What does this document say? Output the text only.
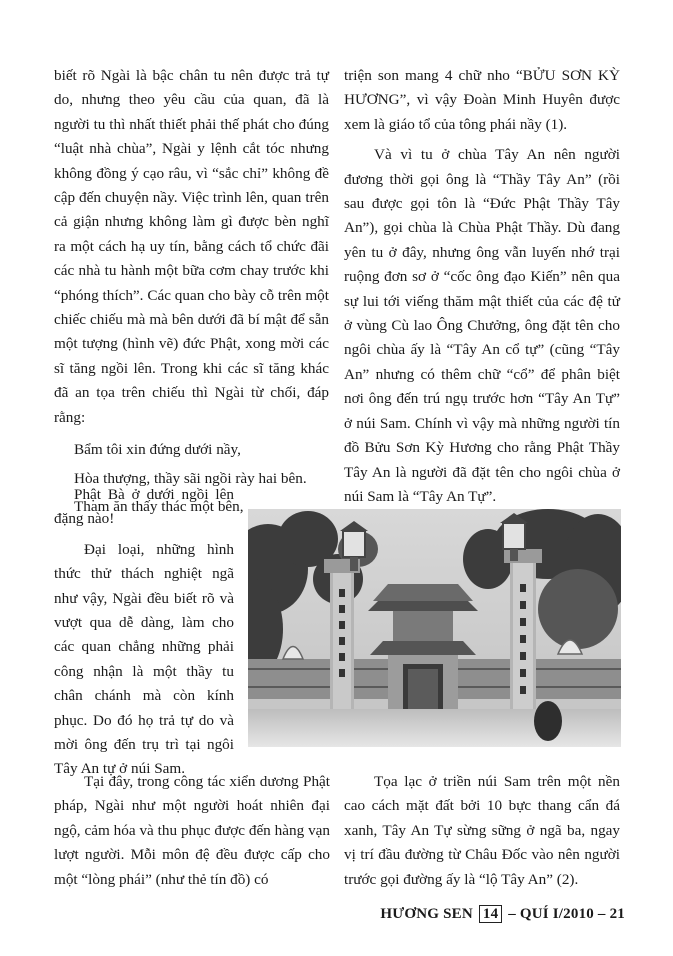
biết rõ Ngài là bậc chân tu nên được trả tự do, nhưng theo yêu cầu của quan, đã là người tu thì nhất thiết phải thế phát cho đúng “luật nhà chùa”, Ngài y lệnh cắt tóc nhưng không đồng ý cạo râu, vì “sắc chỉ” không đề cập đến chuyện nầy. Việc trình lên, quan trên cả giận nhưng không làm gì được bèn nghĩ ra một cách hạ uy tín, bằng cách tổ chức đãi các nhà tu hành một bữa cơm chay trước khi “phóng thích”. Các quan cho bày cỗ trên một chiếc chiếu mà mà bên dưới đã bí mật để sẵn một tượng (hình vẽ) đức Phật, xong mời các sĩ tăng ngồi lên. Trong khi các sĩ tăng khác đã an tọa trên chiếu thì Ngài từ chối, đáp rằng:

Bẩm tôi xin đứng dưới nầy,

Hòa thượng, thầy sãi ngồi rày hai bên.

Tham ăn thấy thác một bên,

Phật Bà ở dưới ngồi lên đặng nào!

Đại loại, những hình thức thử thách nghiệt ngã như vậy, Ngài đều biết rõ và vượt qua dễ dàng, làm cho các quan chẳng những phải công nhận là một thầy tu chân chánh mà còn kính phục. Do đó họ trả tự do và mời ông đến trụ trì tại ngôi Tây An tự ở núi Sam.

triện son mang 4 chữ nho “BỬU SƠN KỲ HƯƠNG”, vì vậy Đoàn Minh Huyên được xem là giáo tổ của tông phái nầy (1).

Và vì tu ở chùa Tây An nên người đương thời gọi ông là “Thầy Tây An” (rồi sau được gọi tôn là “Đức Phật Thầy Tây An”), gọi chùa là Chùa Phật Thầy. Dù đang yên tu ở đây, nhưng ông vẫn luyến nhớ trại ruộng đơn sơ ở “cốc ông đạo Kiến” nên qua sự lui tới viếng thăm mật thiết của các đệ tử ở vùng Cù lao Ông Chưởng, ông đặt tên cho ngôi chùa ấy là “Tây An cổ tự” (cũng “Tây An” nhưng có thêm chữ “cổ” để phân biệt nơi ông đến trú ngụ trước hơn “Tây An Tự” ở núi Sam. Chính vì vậy mà những người tín đồ Bửu Sơn Kỳ Hương cho rằng Phật Thầy Tây An là người đã đặt tên cho ngôi chùa ở núi Sam là “Tây An Tự”.

Tại đây, trong công tác xiển dương Phật pháp, Ngài như một người hoát nhiên đại ngộ, cảm hóa và thu phục được đến hàng vạn lượt người. Mỗi môn đệ đều được cấp cho một “lòng phái” (như thẻ tín đồ) có

Tọa lạc ở triền núi Sam trên một nền cao cách mặt đất bởi 10 bực thang cẩn đá xanh, Tây An Tự sừng sững ở ngã ba, ngay vị trí đầu đường từ Châu Đốc vào nên người trước gọi đường ấy là “lộ Tây An” (2).

HƯƠNG SEN 14 – QUÍ I/2010 – 21
